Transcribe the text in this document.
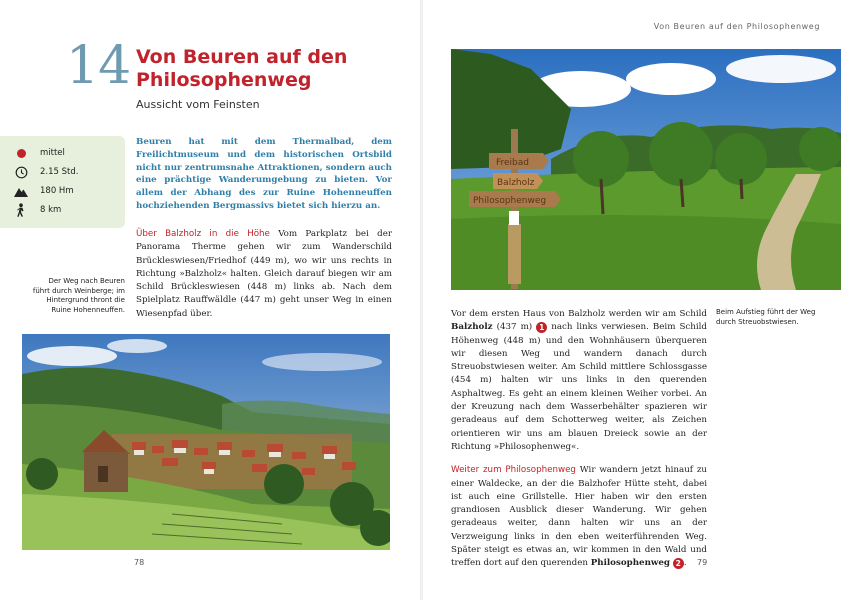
14 Von Beuren auf den Philosophenweg
Aussicht vom Feinsten
mittel
2.15 Std.
180 Hm
8 km

Beuren hat mit dem Thermalbad, dem Freilichtmuseum und dem historischen Ortsbild nicht nur zentrumsnahe Attraktionen, sondern auch eine prächtige Wanderumgebung zu bieten. Vor allem der Abhang des zur Ruine Hohenneuffen hochziehenden Bergmassivs bietet sich hierzu an.

Über Balzholz in die Höhe Vom Parkplatz bei der Panorama Therme gehen wir zum Wanderschild Brückleswiesen/Friedhof (449 m), wo wir uns rechts in Richtung »Balzholz« halten. Gleich darauf biegen wir am Schild Brückleswiesen (448 m) links ab. Nach dem Spielplatz Rauffwäldle (447 m) geht unser Weg in einen Wiesenpfad über.

Der Weg nach Beuren führt durch Weinberge; im Hintergrund thront die Ruine Hohenneuffen.
78
Von Beuren auf den Philosophenweg
Freibad
Balzholz
Philosophenweg

Vor dem ersten Haus von Balzholz werden wir am Schild Balzholz (437 m) 1 nach links verwiesen. Beim Schild Höhenweg (448 m) und den Wohnhäusern überqueren wir diesen Weg und wandern danach durch Streuobstwiesen weiter. Am Schild mittlere Schlossgasse (454 m) halten wir uns links in den querenden Asphaltweg. Es geht an einem kleinen Weiher vorbei. An der Kreuzung nach dem Wasserbehälter spazieren wir geradeaus auf dem Schotterweg weiter, als Zeichen orientieren wir uns am blauen Dreieck sowie an der Richtung »Philosophenweg«.
Weiter zum Philosophenweg Wir wandern jetzt hinauf zu einer Waldecke, an der die Balzhofer Hütte steht, dabei ist auch eine Grillstelle. Hier haben wir den ersten grandiosen Ausblick dieser Wanderung. Wir gehen geradeaus weiter, dann halten wir uns an der Verzweigung links in den eben weiterführenden Weg. Später steigt es etwas an, wir kommen in den Wald und treffen dort auf den querenden Philosophenweg 2 .

Beim Aufstieg führt der Weg durch Streuobstwiesen.
79
